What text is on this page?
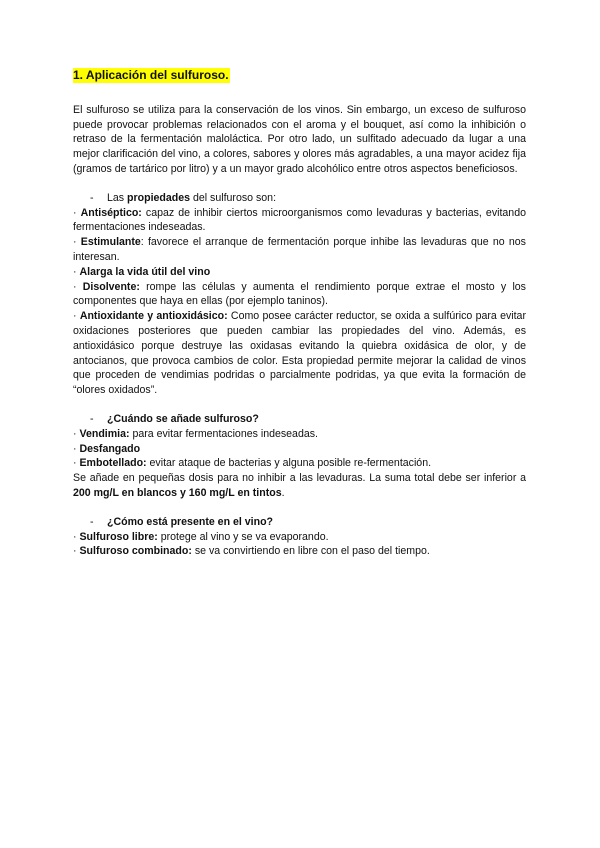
1. Aplicación del sulfuroso.

El sulfuroso se utiliza para la conservación de los vinos. Sin embargo, un exceso de sulfuroso puede provocar problemas relacionados con el aroma y el bouquet, así como la inhibición o retraso de la fermentación maloláctica. Por otro lado, un sulfitado adecuado da lugar a una mejor clarificación del vino, a colores, sabores y olores más agradables, a una mayor acidez fija (gramos de tartárico por litro) y a un mayor grado alcohólico entre otros aspectos beneficiosos.

- Las propiedades del sulfuroso son:

· Antiséptico: capaz de inhibir ciertos microorganismos como levaduras y bacterias, evitando fermentaciones indeseadas.

· Estimulante: favorece el arranque de fermentación porque inhibe las levaduras que no nos interesan.

· Alarga la vida útil del vino

· Disolvente: rompe las células y aumenta el rendimiento porque extrae el mosto y los componentes que haya en ellas (por ejemplo taninos).

· Antioxidante y antioxidásico: Como posee carácter reductor, se oxida a sulfúrico para evitar oxidaciones posteriores que pueden cambiar las propiedades del vino. Además, es antioxidásico porque destruye las oxidasas evitando la quiebra oxidásica de olor, y de antocianos, que provoca cambios de color. Esta propiedad permite mejorar la calidad de vinos que proceden de vendimias podridas o parcialmente podridas, ya que evita la formación de “olores oxidados”.

- ¿Cuándo se añade sulfuroso?

· Vendimia: para evitar fermentaciones indeseadas.

· Desfangado

· Embotellado: evitar ataque de bacterias y alguna posible re-fermentación.

Se añade en pequeñas dosis para no inhibir a las levaduras. La suma total debe ser inferior a 200 mg/L en blancos y 160 mg/L en tintos.

- ¿Cómo está presente en el vino?

· Sulfuroso libre: protege al vino y se va evaporando.

· Sulfuroso combinado: se va convirtiendo en libre con el paso del tiempo.
